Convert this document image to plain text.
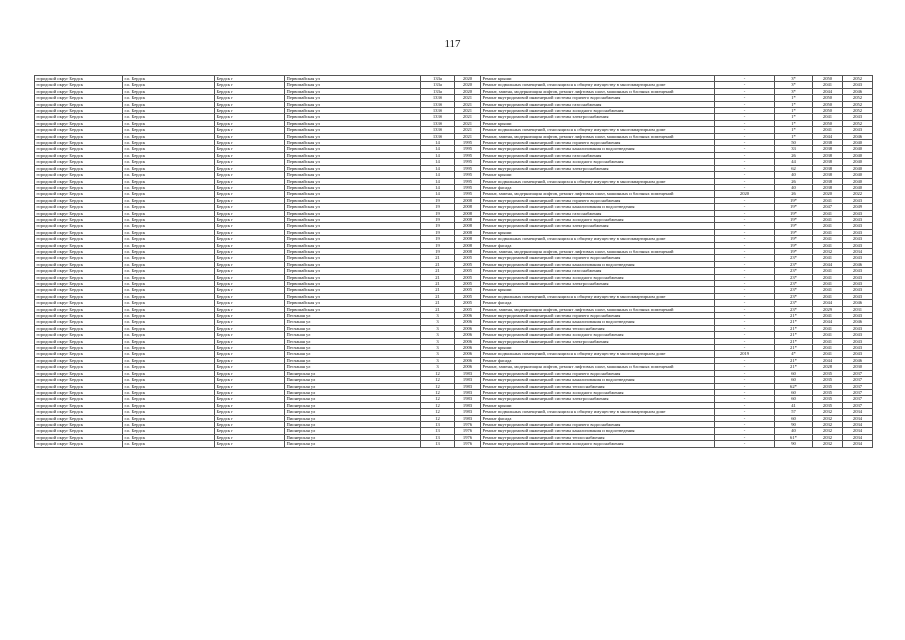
117
городской округ Бердск	г.о. Бердск	Бердск г	Первомайская ул	133а	2020	Ремонт крыши	-	3*	2050	2052
городской округ Бердск	г.о. Бердск	Бердск г	Первомайская ул	133а	2020	Ремонт подвальных помещений, относящихся к общему имуществу в многоквартирном доме	-	3*	2041	2043
городской округ Бердск	г.о. Бердск	Бердск г	Первомайская ул	133а	2020	Ремонт, замена, модернизация лифтов, ремонт лифтовых шахт, машинных и блочных помещений	-	3*	2044	2046
городской округ Бердск	г.о. Бердск	Бердск г	Первомайская ул	133б	2021	Ремонт внутридомовой инженерной системы горячего водоснабжения	-	1*	2050	2052
городской округ Бердск	г.о. Бердск	Бердск г	Первомайская ул	133б	2021	Ремонт внутридомовой инженерной системы газоснабжения	-	1*	2050	2052
городской округ Бердск	г.о. Бердск	Бердск г	Первомайская ул	133б	2021	Ремонт внутридомовой инженерной системы холодного водоснабжения	-	1*	2050	2052
городской округ Бердск	г.о. Бердск	Бердск г	Первомайская ул	133б	2021	Ремонт внутридомовой инженерной системы электроснабжения	-	1*	2041	2043
городской округ Бердск	г.о. Бердск	Бердск г	Первомайская ул	133б	2021	Ремонт крыши	-	1*	2050	2052
городской округ Бердск	г.о. Бердск	Бердск г	Первомайская ул	133б	2021	Ремонт подвальных помещений, относящихся к общему имуществу в многоквартирном доме	-	1*	2041	2043
городской округ Бердск	г.о. Бердск	Бердск г	Первомайская ул	133б	2021	Ремонт, замена, модернизация лифтов, ремонт лифтовых шахт, машинных и блочных помещений	-	1*	2044	2046
городской округ Бердск	г.о. Бердск	Бердск г	Первомайская ул	14	1995	Ремонт внутридомовой инженерной системы горячего водоснабжения	-	50	2038	2040
городской округ Бердск	г.о. Бердск	Бердск г	Первомайская ул	14	1995	Ремонт внутридомовой инженерной системы канализования и водоотведения	-	33	2038	2040
городской округ Бердск	г.о. Бердск	Бердск г	Первомайская ул	14	1995	Ремонт внутридомовой инженерной системы газоснабжения	-	26	2038	2040
городской округ Бердск	г.о. Бердск	Бердск г	Первомайская ул	14	1995	Ремонт внутридомовой инженерной системы холодного водоснабжения	-	44	2038	2040
городской округ Бердск	г.о. Бердск	Бердск г	Первомайская ул	14	1995	Ремонт внутридомовой инженерной системы электроснабжения	-	62	2038	2040
городской округ Бердск	г.о. Бердск	Бердск г	Первомайская ул	14	1995	Ремонт крыши	-	40	2038	2040
городской округ Бердск	г.о. Бердск	Бердск г	Первомайская ул	14	1995	Ремонт подвальных помещений, относящихся к общему имуществу в многоквартирном доме	-	26	2038	2040
городской округ Бердск	г.о. Бердск	Бердск г	Первомайская ул	14	1995	Ремонт фасада	-	40	2038	2040
городской округ Бердск	г.о. Бердск	Бердск г	Первомайская ул	14	1995	Ремонт, замена, модернизация лифтов, ремонт лифтовых шахт, машинных и блочных помещений	2020	26	2020	2022
городской округ Бердск	г.о. Бердск	Бердск г	Первомайская ул	19	2008	Ремонт внутридомовой инженерной системы горячего водоснабжения	-	19*	2041	2043
городской округ Бердск	г.о. Бердск	Бердск г	Первомайская ул	19	2008	Ремонт внутридомовой инженерной системы канализования и водоотведения	-	19*	2047	2049
городской округ Бердск	г.о. Бердск	Бердск г	Первомайская ул	19	2008	Ремонт внутридомовой инженерной системы газоснабжения	-	19*	2041	2043
городской округ Бердск	г.о. Бердск	Бердск г	Первомайская ул	19	2008	Ремонт внутридомовой инженерной системы холодного водоснабжения	-	19*	2041	2043
городской округ Бердск	г.о. Бердск	Бердск г	Первомайская ул	19	2008	Ремонт внутридомовой инженерной системы электроснабжения	-	19*	2041	2043
городской округ Бердск	г.о. Бердск	Бердск г	Первомайская ул	19	2008	Ремонт крыши	-	19*	2041	2043
городской округ Бердск	г.о. Бердск	Бердск г	Первомайская ул	19	2008	Ремонт подвальных помещений, относящихся к общему имуществу в многоквартирном доме	-	19*	2041	2043
городской округ Бердск	г.о. Бердск	Бердск г	Первомайская ул	19	2008	Ремонт фасада	-	19*	2041	2043
городской округ Бердск	г.о. Бердск	Бердск г	Первомайская ул	19	2008	Ремонт, замена, модернизация лифтов, ремонт лифтовых шахт, машинных и блочных помещений	-	19*	2032	2034
городской округ Бердск	г.о. Бердск	Бердск г	Первомайская ул	21	2005	Ремонт внутридомовой инженерной системы горячего водоснабжения	-	23*	2041	2043
городской округ Бердск	г.о. Бердск	Бердск г	Первомайская ул	21	2005	Ремонт внутридомовой инженерной системы канализования и водоотведения	-	23*	2044	2046
городской округ Бердск	г.о. Бердск	Бердск г	Первомайская ул	21	2005	Ремонт внутридомовой инженерной системы газоснабжения	-	23*	2041	2043
городской округ Бердск	г.о. Бердск	Бердск г	Первомайская ул	21	2005	Ремонт внутридомовой инженерной системы холодного водоснабжения	-	23*	2041	2043
городской округ Бердск	г.о. Бердск	Бердск г	Первомайская ул	21	2005	Ремонт внутридомовой инженерной системы электроснабжения	-	23*	2041	2043
городской округ Бердск	г.о. Бердск	Бердск г	Первомайская ул	21	2005	Ремонт крыши	-	23*	2041	2043
городской округ Бердск	г.о. Бердск	Бердск г	Первомайская ул	21	2005	Ремонт подвальных помещений, относящихся к общему имуществу в многоквартирном доме	-	23*	2041	2043
городской округ Бердск	г.о. Бердск	Бердск г	Первомайская ул	21	2005	Ремонт фасада	-	23*	2044	2046
городской округ Бердск	г.о. Бердск	Бердск г	Первомайская ул	21	2005	Ремонт, замена, модернизация лифтов, ремонт лифтовых шахт, машинных и блочных помещений	-	23*	2029	2031
городской округ Бердск	г.о. Бердск	Бердск г	Песчаная ул	3	2006	Ремонт внутридомовой инженерной системы горячего водоснабжения	-	21*	2041	2043
городской округ Бердск	г.о. Бердск	Бердск г	Песчаная ул	3	2006	Ремонт внутридомовой инженерной системы канализования и водоотведения	-	21*	2044	2046
городской округ Бердск	г.о. Бердск	Бердск г	Песчаная ул	3	2006	Ремонт внутридомовой инженерной системы теплоснабжения	-	21*	2041	2043
городской округ Бердск	г.о. Бердск	Бердск г	Песчаная ул	3	2006	Ремонт внутридомовой инженерной системы холодного водоснабжения	-	21*	2041	2043
городской округ Бердск	г.о. Бердск	Бердск г	Песчаная ул	3	2006	Ремонт внутридомовой инженерной системы электроснабжения	-	21*	2041	2043
городской округ Бердск	г.о. Бердск	Бердск г	Песчаная ул	3	2006	Ремонт крыши	-	21*	2041	2043
городской округ Бердск	г.о. Бердск	Бердск г	Песчаная ул	3	2006	Ремонт подвальных помещений, относящихся к общему имуществу в многоквартирном доме	2019	4*	2041	2043
городской округ Бердск	г.о. Бердск	Бердск г	Песчаная ул	3	2006	Ремонт фасада	-	21*	2044	2046
городской округ Бердск	г.о. Бердск	Бердск г	Песчаная ул	3	2006	Ремонт, замена, модернизация лифтов, ремонт лифтовых шахт, машинных и блочных помещений	-	21*	2028	2030
городской округ Бердск	г.о. Бердск	Бердск г	Пионерская ул	12	1983	Ремонт внутридомовой инженерной системы горячего водоснабжения	-	60	2035	2037
городской округ Бердск	г.о. Бердск	Бердск г	Пионерская ул	12	1983	Ремонт внутридомовой инженерной системы канализования и водоотведения	-	60	2035	2037
городской округ Бердск	г.о. Бердск	Бердск г	Пионерская ул	12	1983	Ремонт внутридомовой инженерной системы теплоснабжения	-	62*	2035	2037
городской округ Бердск	г.о. Бердск	Бердск г	Пионерская ул	12	1983	Ремонт внутридомовой инженерной системы холодного водоснабжения	-	60	2035	2037
городской округ Бердск	г.о. Бердск	Бердск г	Пионерская ул	12	1983	Ремонт внутридомовой инженерной системы электроснабжения	-	60	2035	2037
городской округ Бердск	г.о. Бердск	Бердск г	Пионерская ул	12	1983	Ремонт крыши	-	41	2035	2037
городской округ Бердск	г.о. Бердск	Бердск г	Пионерская ул	12	1983	Ремонт подвальных помещений, относящихся к общему имуществу в многоквартирном доме	-	57	2032	2034
городской округ Бердск	г.о. Бердск	Бердск г	Пионерская ул	12	1983	Ремонт фасада	-	60	2032	2034
городской округ Бердск	г.о. Бердск	Бердск г	Пионерская ул	13	1976	Ремонт внутридомовой инженерной системы горячего водоснабжения	-	90	2032	2034
городской округ Бердск	г.о. Бердск	Бердск г	Пионерская ул	13	1976	Ремонт внутридомовой инженерной системы канализования и водоотведения	-	40	2032	2034
городской округ Бердск	г.о. Бердск	Бердск г	Пионерская ул	13	1976	Ремонт внутридомовой инженерной системы теплоснабжения	-	61*	2032	2034
городской округ Бердск	г.о. Бердск	Бердск г	Пионерская ул	13	1976	Ремонт внутридомовой инженерной системы холодного водоснабжения	-	90	2032	2034
